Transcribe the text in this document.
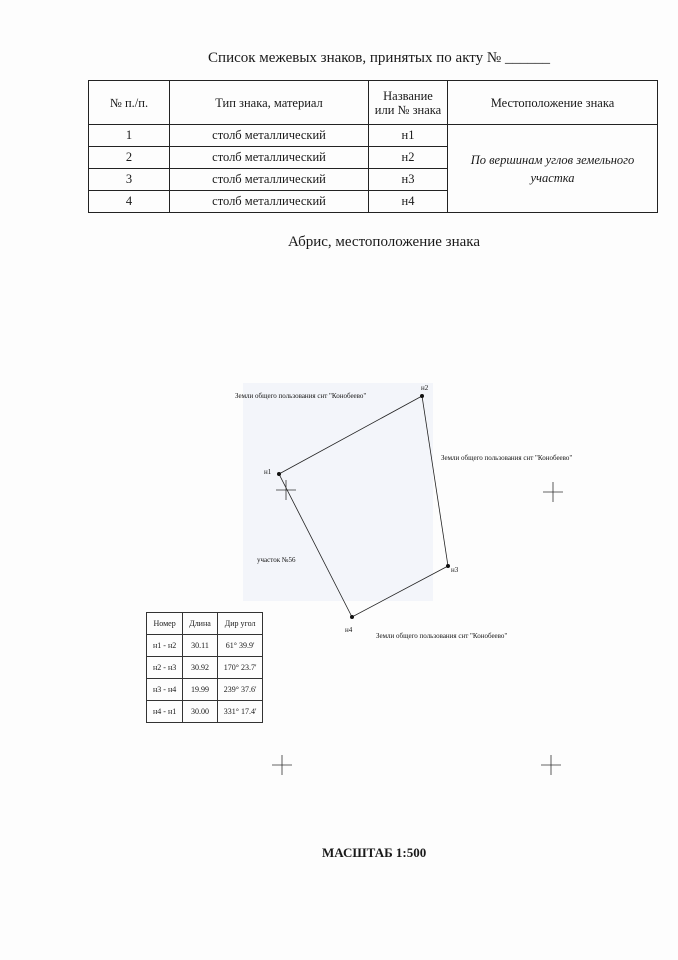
Список межевых знаков, принятых по акту № ______
№ п./п.	Тип знака, материал	Название или № знака	Местоположение знака
1	столб металлический	н1	По вершинам углов земельного участка
2	столб металлический	н2	
3	столб металлический	н3	
4	столб металлический	н4	
Абрис, местоположение знака
н1
н2
н3
н4
Земли общего пользования снт "Конобеево"
Земли общего пользования снт "Конобеево"
Земли общего пользования снт "Конобеево"
участок №56
Номер	Длина	Дир угол
н1 - н2	30.11	61° 39.9'
н2 - н3	30.92	170° 23.7'
н3 - н4	19.99	239° 37.6'
н4 - н1	30.00	331° 17.4'
МАСШТАБ 1:500
